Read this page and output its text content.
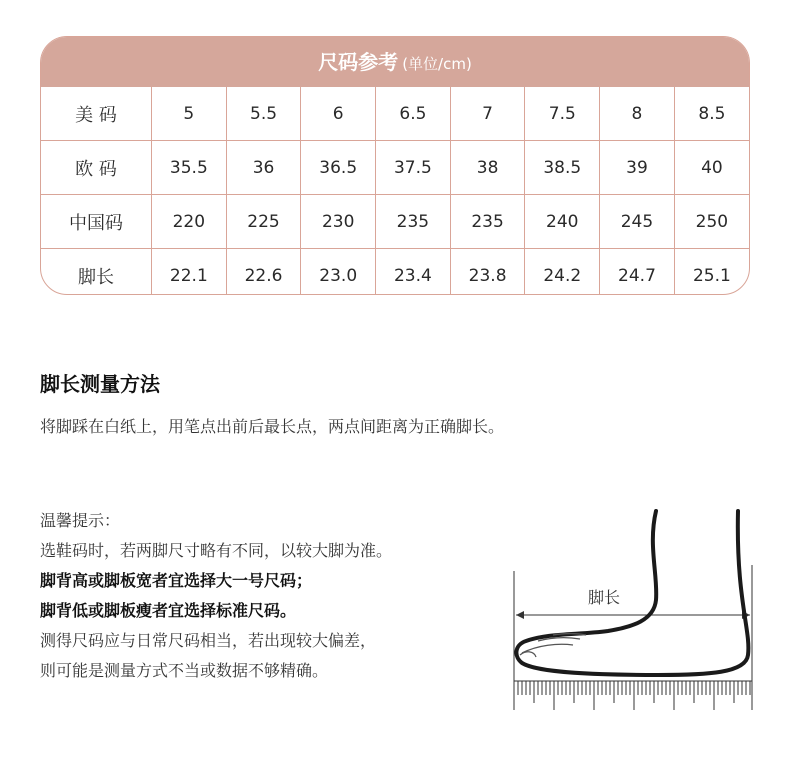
尺码参考 (单位/cm)
美 码	5	5.5	6	6.5	7	7.5	8	8.5
欧 码	35.5	36	36.5	37.5	38	38.5	39	40
中国码	220	225	230	235	235	240	245	250
脚长	22.1	22.6	23.0	23.4	23.8	24.2	24.7	25.1
脚长测量方法
将脚踩在白纸上，用笔点出前后最长点，两点间距离为正确脚长。
温馨提示：
选鞋码时，若两脚尺寸略有不同，以较大脚为准。
脚背高或脚板宽者宜选择大一号尺码；
脚背低或脚板瘦者宜选择标准尺码。
测得尺码应与日常尺码相当，若出现较大偏差，
则可能是测量方式不当或数据不够精确。
脚长
